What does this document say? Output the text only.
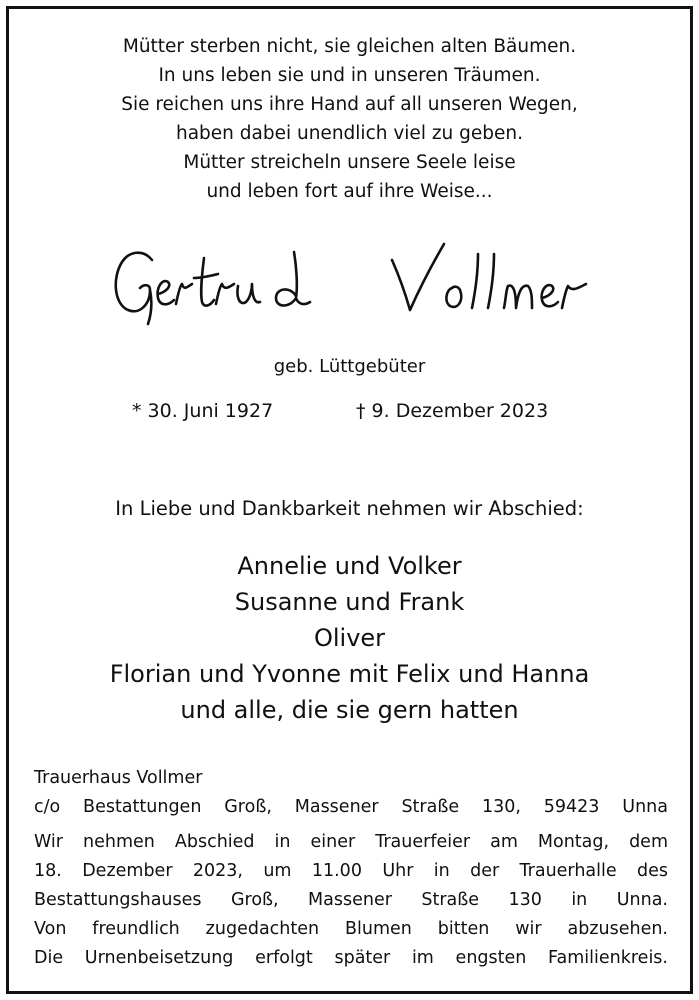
Mütter sterben nicht, sie gleichen alten Bäumen.
In uns leben sie und in unseren Träumen.
Sie reichen uns ihre Hand auf all unseren Wegen,
haben dabei unendlich viel zu geben.
Mütter streicheln unsere Seele leise
und leben fort auf ihre Weise...
geb. Lüttgebüter
* 30. Juni 1927	† 9. Dezember 2023
In Liebe und Dankbarkeit nehmen wir Abschied:
Annelie und Volker
Susanne und Frank
Oliver
Florian und Yvonne mit Felix und Hanna
und alle, die sie gern hatten
Trauerhaus Vollmer
c/o Bestattungen Groß, Massener Straße 130, 59423 Unna
Wir nehmen Abschied in einer Trauerfeier am Montag, dem
18. Dezember 2023, um 11.00 Uhr in der Trauerhalle des
Bestattungshauses Groß, Massener Straße 130 in Unna.
Von freundlich zugedachten Blumen bitten wir abzusehen.
Die Urnenbeisetzung erfolgt später im engsten Familienkreis.
